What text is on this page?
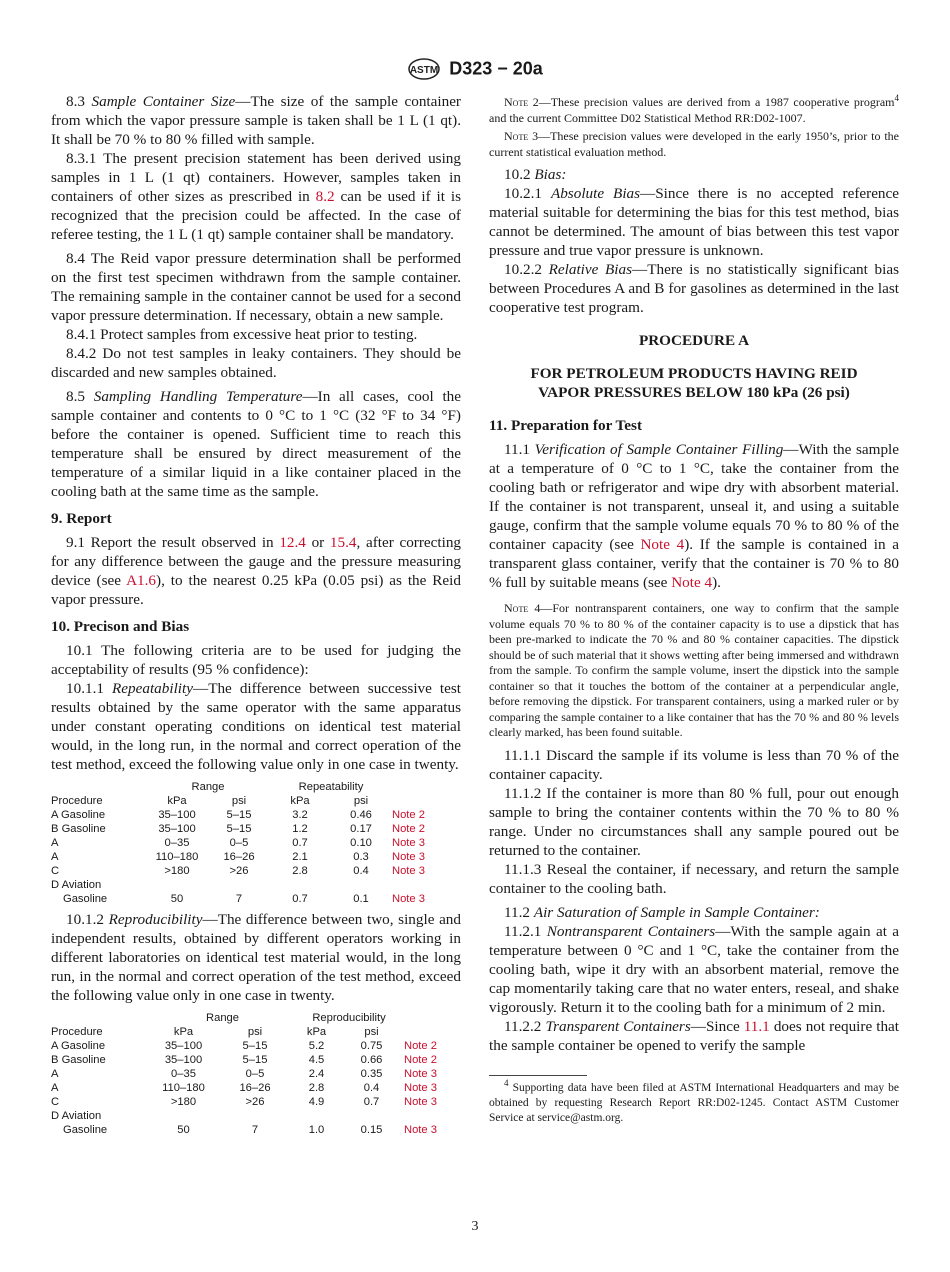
ASTM D323 − 20a

8.3 Sample Container Size—The size of the sample container from which the vapor pressure sample is taken shall be 1 L (1 qt). It shall be 70 % to 80 % filled with sample.

8.3.1 The present precision statement has been derived using samples in 1 L (1 qt) containers. However, samples taken in containers of other sizes as prescribed in 8.2 can be used if it is recognized that the precision could be affected. In the case of referee testing, the 1 L (1 qt) sample container shall be mandatory.

8.4 The Reid vapor pressure determination shall be performed on the first test specimen withdrawn from the sample container. The remaining sample in the container cannot be used for a second vapor pressure determination. If necessary, obtain a new sample.

8.4.1 Protect samples from excessive heat prior to testing.

8.4.2 Do not test samples in leaky containers. They should be discarded and new samples obtained.

8.5 Sampling Handling Temperature—In all cases, cool the sample container and contents to 0 °C to 1 °C (32 °F to 34 °F) before the container is opened. Sufficient time to reach this temperature shall be ensured by direct measurement of the temperature of a similar liquid in a like container placed in the cooling bath at the same time as the sample.

9. Report

9.1 Report the result observed in 12.4 or 15.4, after correcting for any difference between the gauge and the pressure measuring device (see A1.6), to the nearest 0.25 kPa (0.05 psi) as the Reid vapor pressure.

10. Precison and Bias

10.1 The following criteria are to be used for judging the acceptability of results (95 % confidence):

10.1.1 Repeatability—The difference between successive test results obtained by the same operator with the same apparatus under constant operating conditions on identical test material would, in the long run, in the normal and correct operation of the test method, exceed the following value only in one case in twenty.

	Range		Repeatability		
Procedure	kPa	psi	kPa	psi	
A Gasoline	35–100	5–15	3.2	0.46	Note 2
B Gasoline	35–100	5–15	1.2	0.17	Note 2
A	0–35	0–5	0.7	0.10	Note 3
A	110–180	16–26	2.1	0.3	Note 3
C	>180	>26	2.8	0.4	Note 3
D Aviation					
Gasoline	50	7	0.7	0.1	Note 3

10.1.2 Reproducibility—The difference between two, single and independent results, obtained by different operators working in different laboratories on identical test material would, in the long run, in the normal and correct operation of the test method, exceed the following value only in one case in twenty.

	Range		Reproducibility		
Procedure	kPa	psi	kPa	psi	
A Gasoline	35–100	5–15	5.2	0.75	Note 2
B Gasoline	35–100	5–15	4.5	0.66	Note 2
A	0–35	0–5	2.4	0.35	Note 3
A	110–180	16–26	2.8	0.4	Note 3
C	>180	>26	4.9	0.7	Note 3
D Aviation					
Gasoline	50	7	1.0	0.15	Note 3

Note 2—These precision values are derived from a 1987 cooperative program$^4$ and the current Committee D02 Statistical Method RR:D02-1007.

Note 3—These precision values were developed in the early 1950’s, prior to the current statistical evaluation method.

10.2 Bias:

10.2.1 Absolute Bias—Since there is no accepted reference material suitable for determining the bias for this test method, bias cannot be determined. The amount of bias between this test vapor pressure and true vapor pressure is unknown.

10.2.2 Relative Bias—There is no statistically significant bias between Procedures A and B for gasolines as determined in the last cooperative test program.

PROCEDURE A

FOR PETROLEUM PRODUCTS HAVING REID

VAPOR PRESSURES BELOW 180 kPa (26 psi)

11. Preparation for Test

11.1 Verification of Sample Container Filling—With the sample at a temperature of 0 °C to 1 °C, take the container from the cooling bath or refrigerator and wipe dry with absorbent material. If the container is not transparent, unseal it, and using a suitable gauge, confirm that the sample volume equals 70 % to 80 % of the container capacity (see Note 4). If the sample is contained in a transparent glass container, verify that the container is 70 % to 80 % full by suitable means (see Note 4).

Note 4—For nontransparent containers, one way to confirm that the sample volume equals 70 % to 80 % of the container capacity is to use a dipstick that has been pre-marked to indicate the 70 % and 80 % container capacities. The dipstick should be of such material that it shows wetting after being immersed and withdrawn from the sample. To confirm the sample volume, insert the dipstick into the sample container so that it touches the bottom of the container at a perpendicular angle, before removing the dipstick. For transparent containers, using a marked ruler or by comparing the sample container to a like container that has the 70 % and 80 % levels clearly marked, has been found suitable.

11.1.1 Discard the sample if its volume is less than 70 % of the container capacity.

11.1.2 If the container is more than 80 % full, pour out enough sample to bring the container contents within the 70 % to 80 % range. Under no circumstances shall any sample poured out be returned to the container.

11.1.3 Reseal the container, if necessary, and return the sample container to the cooling bath.

11.2 Air Saturation of Sample in Sample Container:

11.2.1 Nontransparent Containers—With the sample again at a temperature between 0 °C and 1 °C, take the container from the cooling bath, wipe it dry with an absorbent material, remove the cap momentarily taking care that no water enters, reseal, and shake vigorously. Return it to the cooling bath for a minimum of 2 min.

11.2.2 Transparent Containers—Since 11.1 does not require that the sample container be opened to verify the sample

$^4$ Supporting data have been filed at ASTM International Headquarters and may be obtained by requesting Research Report RR:D02-1245. Contact ASTM Customer Service at service@astm.org.

3
